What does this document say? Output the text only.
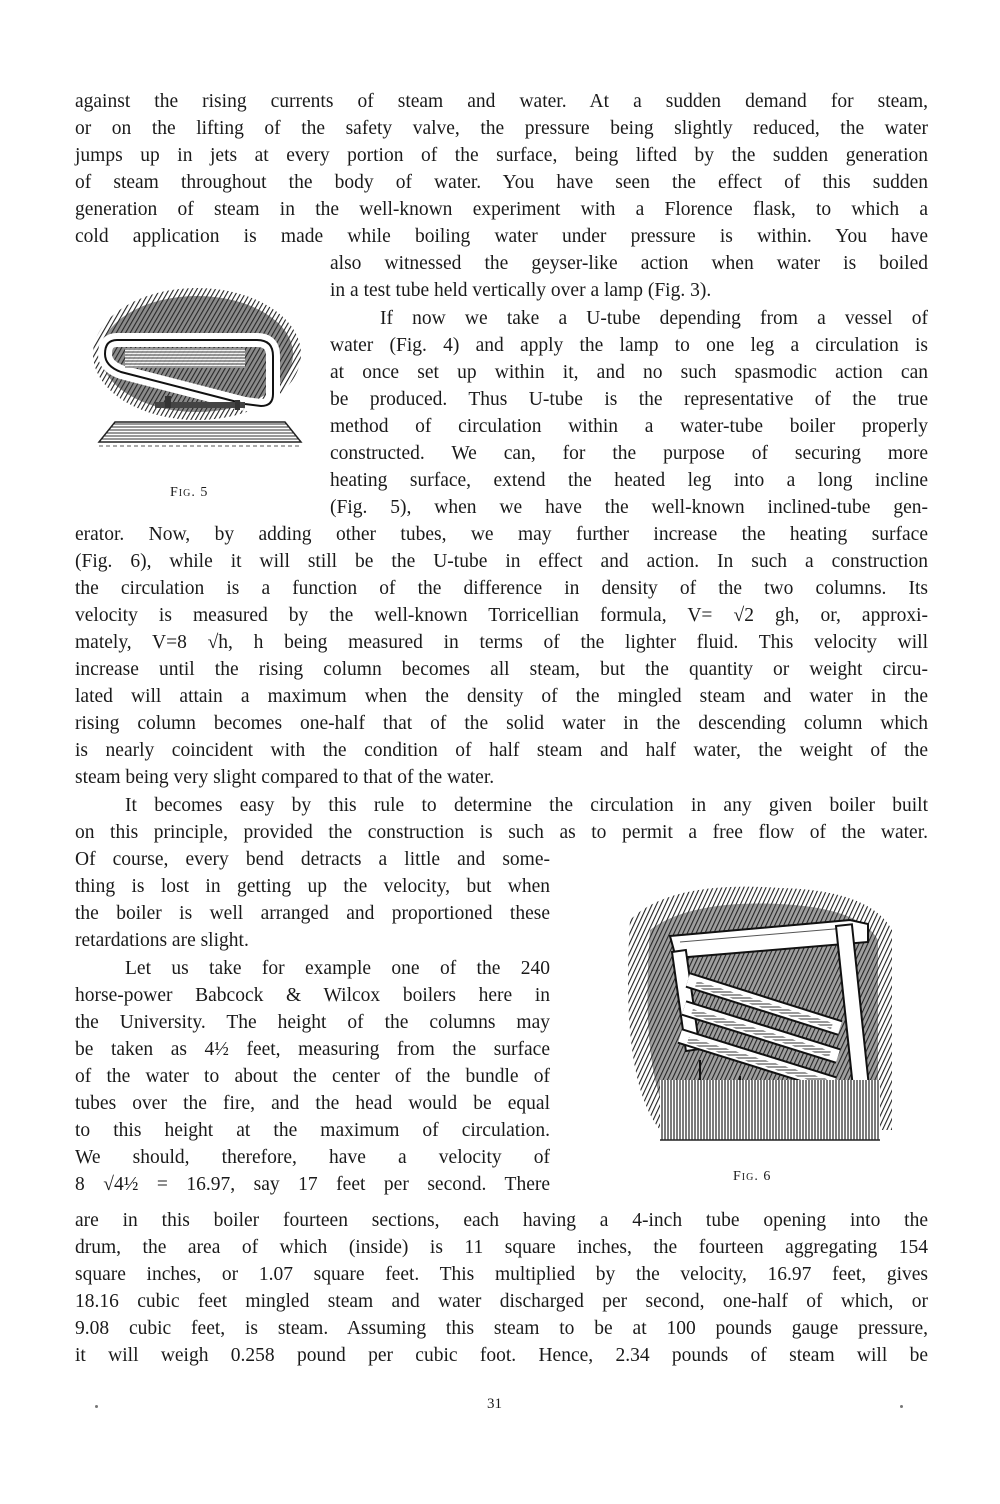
against the rising currents of steam and water. At a sudden demand for steam,
or on the lifting of the safety valve, the pressure being slightly reduced, the water
jumps up in jets at every portion of the surface, being lifted by the sudden generation
of steam throughout the body of water. You have seen the effect of this sudden
generation of steam in the well-known experiment with a Florence flask, to which a
cold application is made while boiling water under pressure is within. You have
also witnessed the geyser-like action when water is boiled
in a test tube held vertically over a lamp (Fig. 3).
If now we take a U-tube depending from a vessel of
water (Fig. 4) and apply the lamp to one leg a circulation is
at once set up within it, and no such spasmodic action can
be produced. Thus U-tube is the representative of the true
method of circulation within a water-tube boiler properly
constructed. We can, for the purpose of securing more
heating surface, extend the heated leg into a long incline
(Fig. 5), when we have the well-known inclined-tube gen-
Fig. 5
erator. Now, by adding other tubes, we may further increase the heating surface
(Fig. 6), while it will still be the U-tube in effect and action. In such a construction
the circulation is a function of the difference in density of the two columns. Its
velocity is measured by the well-known Torricellian formula, V= √2 gh, or, approxi-
mately, V=8 √h, h being measured in terms of the lighter fluid. This velocity will
increase until the rising column becomes all steam, but the quantity or weight circu-
lated will attain a maximum when the density of the mingled steam and water in the
rising column becomes one-half that of the solid water in the descending column which
is nearly coincident with the condition of half steam and half water, the weight of the
steam being very slight compared to that of the water.
It becomes easy by this rule to determine the circulation in any given boiler built
on this principle, provided the construction is such as to permit a free flow of the water.
Of course, every bend detracts a little and some-
thing is lost in getting up the velocity, but when
the boiler is well arranged and proportioned these
retardations are slight.
Let us take for example one of the 240
horse-power Babcock & Wilcox boilers here in
the University. The height of the columns may
be taken as 4½ feet, measuring from the surface
of the water to about the center of the bundle of
tubes over the fire, and the head would be equal
to this height at the maximum of circulation.
We should, therefore, have a velocity of
8 √4½ = 16.97, say 17 feet per second. There	Fig. 6
are in this boiler fourteen sections, each having a 4-inch tube opening into the
drum, the area of which (inside) is 11 square inches, the fourteen aggregating 154
square inches, or 1.07 square feet. This multiplied by the velocity, 16.97 feet, gives
18.16 cubic feet mingled steam and water discharged per second, one-half of which, or
9.08 cubic feet, is steam. Assuming this steam to be at 100 pounds gauge pressure,
it will weigh 0.258 pound per cubic foot. Hence, 2.34 pounds of steam will be
31
